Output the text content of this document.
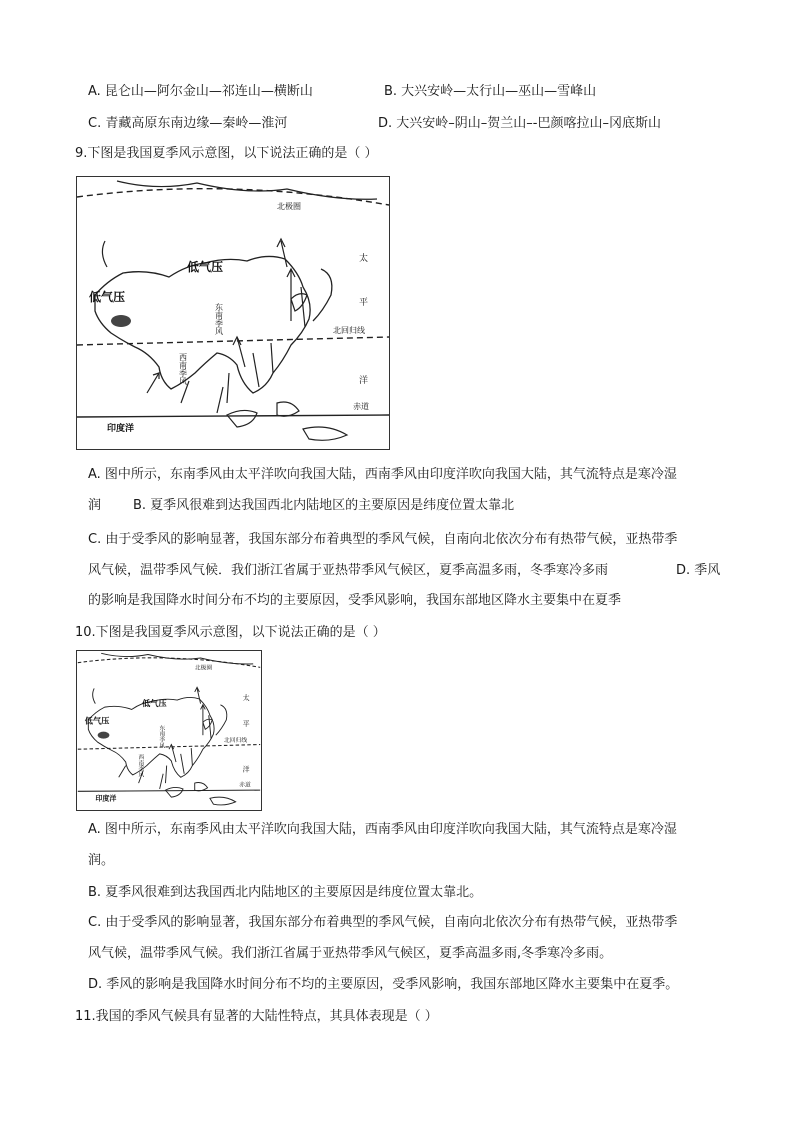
A. 昆仑山—阿尔金山—祁连山—横断山	B. 大兴安岭—太行山—巫山—雪峰山
C. 青藏高原东南边缘—秦岭—淮河	D. 大兴安岭–阴山–贺兰山–-巴颜喀拉山–冈底斯山
9.下图是我国夏季风示意图，以下说法正确的是（ ）
北极圈
低气压
低气压
东南季风
西南季风
北回归线
太
平
洋
赤道
印度洋
A. 图中所示，东南季风由太平洋吹向我国大陆，西南季风由印度洋吹向我国大陆，其气流特点是寒冷湿
润 B. 夏季风很难到达我国西北内陆地区的主要原因是纬度位置太靠北
C. 由于受季风的影响显著，我国东部分布着典型的季风气候，自南向北依次分布有热带气候，亚热带季
风气候，温带季风气候．我们浙江省属于亚热带季风气候区，夏季高温多雨，冬季寒冷多雨	D. 季风
的影响是我国降水时间分布不均的主要原因，受季风影响，我国东部地区降水主要集中在夏季
10.下图是我国夏季风示意图，以下说法正确的是（ ）
北极圈
低气压
低气压
东南季风
西南季风
北回归线
太
平
洋
赤道
印度洋
A. 图中所示，东南季风由太平洋吹向我国大陆，西南季风由印度洋吹向我国大陆，其气流特点是寒冷湿
润。
B. 夏季风很难到达我国西北内陆地区的主要原因是纬度位置太靠北。
C. 由于受季风的影响显著，我国东部分布着典型的季风气候，自南向北依次分布有热带气候，亚热带季
风气候，温带季风气候。我们浙江省属于亚热带季风气候区，夏季高温多雨,冬季寒冷多雨。
D. 季风的影响是我国降水时间分布不均的主要原因，受季风影响，我国东部地区降水主要集中在夏季。
11.我国的季风气候具有显著的大陆性特点，其具体表现是（ ）
